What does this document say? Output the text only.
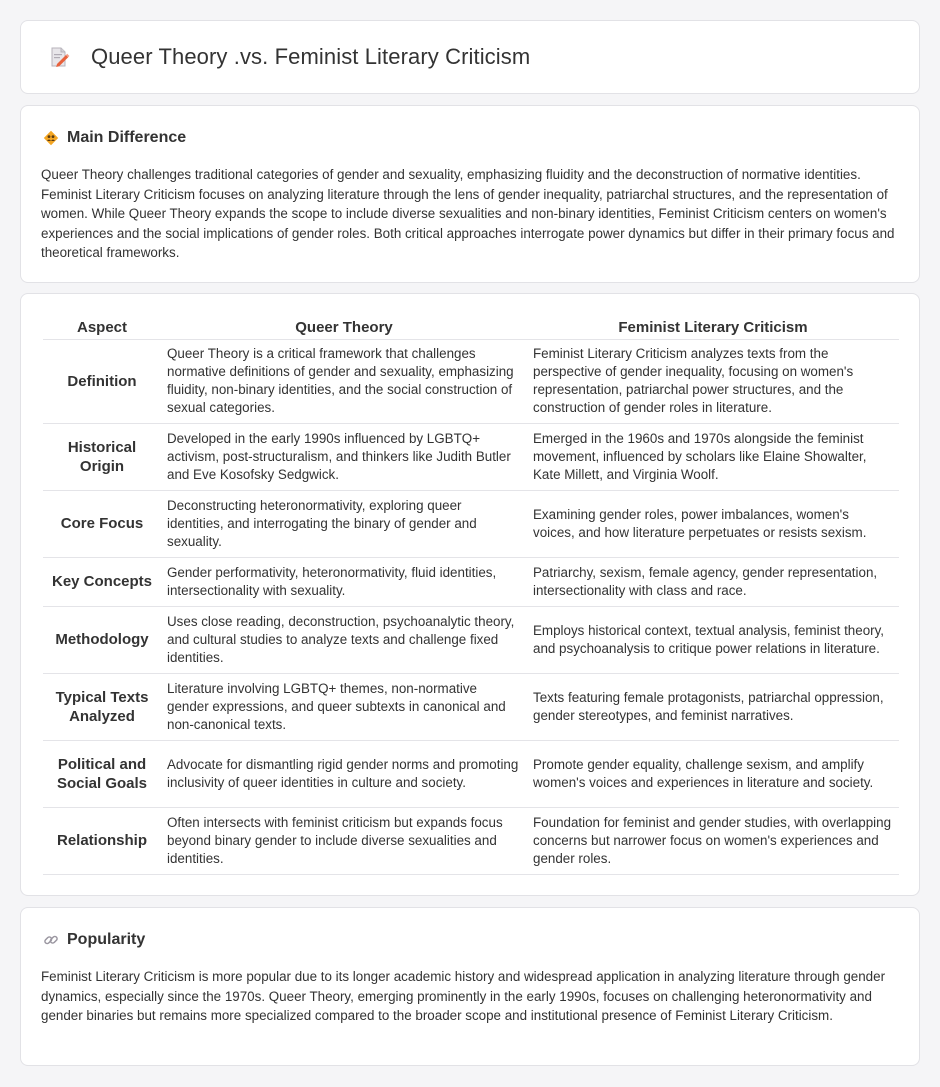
Queer Theory .vs. Feminist Literary Criticism
Main Difference

Queer Theory challenges traditional categories of gender and sexuality, emphasizing fluidity and the deconstruction of normative identities. Feminist Literary Criticism focuses on analyzing literature through the lens of gender inequality, patriarchal structures, and the representation of women. While Queer Theory expands the scope to include diverse sexualities and non-binary identities, Feminist Criticism centers on women's experiences and the social implications of gender roles. Both critical approaches interrogate power dynamics but differ in their primary focus and theoretical frameworks.

Aspect	Queer Theory	Feminist Literary Criticism
Definition	Queer Theory is a critical framework that challenges normative definitions of gender and sexuality, emphasizing fluidity, non-binary identities, and the social construction of sexual categories.	Feminist Literary Criticism analyzes texts from the perspective of gender inequality, focusing on women's representation, patriarchal power structures, and the construction of gender roles in literature.
Historical Origin	Developed in the early 1990s influenced by LGBTQ+ activism, post-structuralism, and thinkers like Judith Butler and Eve Kosofsky Sedgwick.	Emerged in the 1960s and 1970s alongside the feminist movement, influenced by scholars like Elaine Showalter, Kate Millett, and Virginia Woolf.
Core Focus	Deconstructing heteronormativity, exploring queer identities, and interrogating the binary of gender and sexuality.	Examining gender roles, power imbalances, women's voices, and how literature perpetuates or resists sexism.
Key Concepts	Gender performativity, heteronormativity, fluid identities, intersectionality with sexuality.	Patriarchy, sexism, female agency, gender representation, intersectionality with class and race.
Methodology	Uses close reading, deconstruction, psychoanalytic theory, and cultural studies to analyze texts and challenge fixed identities.	Employs historical context, textual analysis, feminist theory, and psychoanalysis to critique power relations in literature.
Typical Texts Analyzed	Literature involving LGBTQ+ themes, non-normative gender expressions, and queer subtexts in canonical and non-canonical texts.	Texts featuring female protagonists, patriarchal oppression, gender stereotypes, and feminist narratives.
Political and Social Goals	Advocate for dismantling rigid gender norms and promoting inclusivity of queer identities in culture and society.	Promote gender equality, challenge sexism, and amplify women's voices and experiences in literature and society.
Relationship	Often intersects with feminist criticism but expands focus beyond binary gender to include diverse sexualities and identities.	Foundation for feminist and gender studies, with overlapping concerns but narrower focus on women's experiences and gender roles.
Popularity

Feminist Literary Criticism is more popular due to its longer academic history and widespread application in analyzing literature through gender dynamics, especially since the 1970s. Queer Theory, emerging prominently in the early 1990s, focuses on challenging heteronormativity and gender binaries but remains more specialized compared to the broader scope and institutional presence of Feminist Literary Criticism.
